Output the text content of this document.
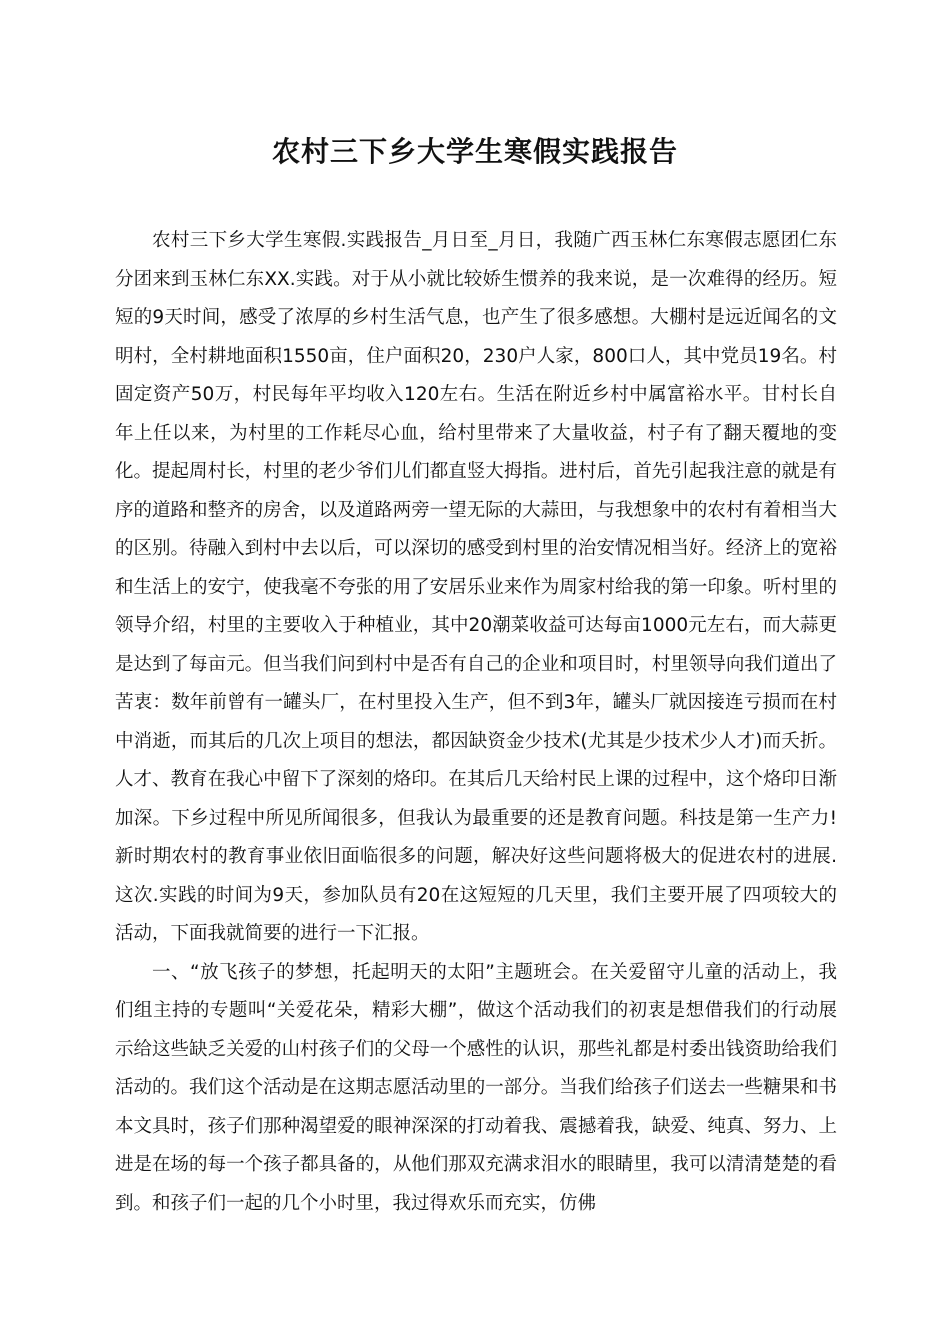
农村三下乡大学生寒假实践报告

农村三下乡大学生寒假.实践报告_月日至_月日，我随广西玉林仁东寒假志愿团仁东分团来到玉林仁东XX.实践。对于从小就比较娇生惯养的我来说，是一次难得的经历。短短的9天时间，感受了浓厚的乡村生活气息，也产生了很多感想。大棚村是远近闻名的文明村，全村耕地面积1550亩，住户面积20，230户人家，800口人，其中党员19名。村固定资产50万，村民每年平均收入120左右。生活在附近乡村中属富裕水平。甘村长自年上任以来，为村里的工作耗尽心血，给村里带来了大量收益，村子有了翻天覆地的变化。提起周村长，村里的老少爷们儿们都直竖大拇指。进村后，首先引起我注意的就是有序的道路和整齐的房舍，以及道路两旁一望无际的大蒜田，与我想象中的农村有着相当大的区别。待融入到村中去以后，可以深切的感受到村里的治安情况相当好。经济上的宽裕和生活上的安宁，使我毫不夸张的用了安居乐业来作为周家村给我的第一印象。听村里的领导介绍，村里的主要收入于种植业，其中20潮菜收益可达每亩1000元左右，而大蒜更是达到了每亩元。但当我们问到村中是否有自己的企业和项目时，村里领导向我们道出了苦衷：数年前曾有一罐头厂，在村里投入生产，但不到3年，罐头厂就因接连亏损而在村中消逝，而其后的几次上项目的想法，都因缺资金少技术(尤其是少技术少人才)而夭折。人才、教育在我心中留下了深刻的烙印。在其后几天给村民上课的过程中，这个烙印日渐加深。下乡过程中所见所闻很多，但我认为最重要的还是教育问题。科技是第一生产力!新时期农村的教育事业依旧面临很多的问题，解决好这些问题将极大的促进农村的进展.这次.实践的时间为9天，参加队员有20在这短短的几天里，我们主要开展了四项较大的活动，下面我就简要的进行一下汇报。

一、“放飞孩子的梦想，托起明天的太阳”主题班会。在关爱留守儿童的活动上，我们组主持的专题叫“关爱花朵，精彩大棚”，做这个活动我们的初衷是想借我们的行动展示给这些缺乏关爱的山村孩子们的父母一个感性的认识，那些礼都是村委出钱资助给我们活动的。我们这个活动是在这期志愿活动里的一部分。当我们给孩子们送去一些糖果和书本文具时，孩子们那种渴望爱的眼神深深的打动着我、震撼着我，缺爱、纯真、努力、上进是在场的每一个孩子都具备的，从他们那双充满求泪水的眼睛里，我可以清清楚楚的看到。和孩子们一起的几个小时里，我过得欢乐而充实，仿佛
